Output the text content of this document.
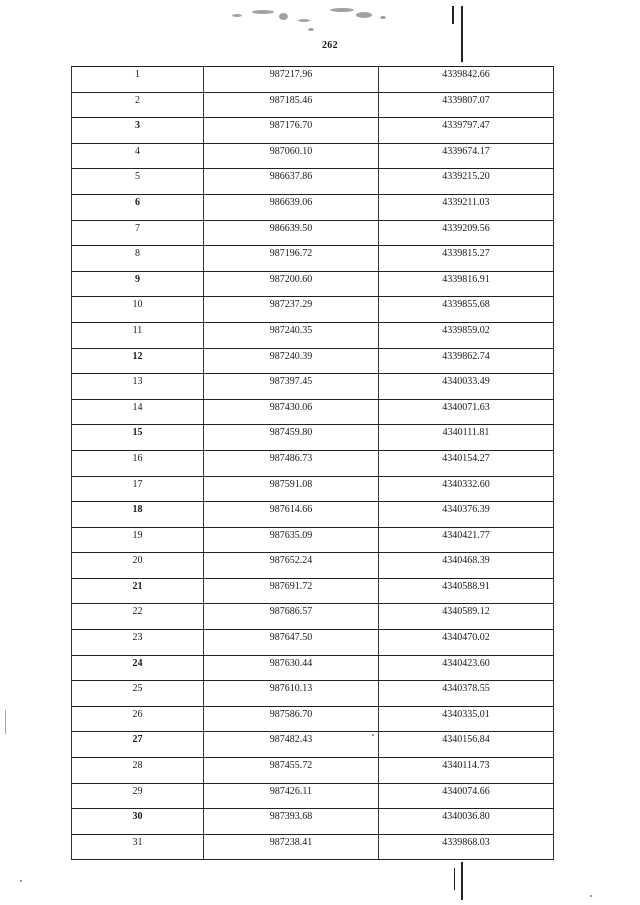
262
1	987217.96	4339842.66

2	987185.46	4339807.07

3	987176.70	4339797.47

4	987060.10	4339674.17

5	986637.86	4339215.20

6	986639.06	4339211.03

7	986639.50	4339209.56

8	987196.72	4339815.27

9	987200.60	4339816.91

10	987237.29	4339855.68

11	987240.35	4339859.02

12	987240.39	4339862.74

13	987397.45	4340033.49

14	987430.06	4340071.63

15	987459.80	4340111.81

16	987486.73	4340154.27

17	987591.08	4340332.60

18	987614.66	4340376.39

19	987635.09	4340421.77

20	987652.24	4340468.39

21	987691.72	4340588.91

22	987686.57	4340589.12

23	987647.50	4340470.02

24	987630.44	4340423.60

25	987610.13	4340378.55

26	987586.70	4340335.01

27	987482.43	4340156.84

28	987455.72	4340114.73

29	987426.11	4340074.66

30	987393.68	4340036.80

31	987238.41	4339868.03
